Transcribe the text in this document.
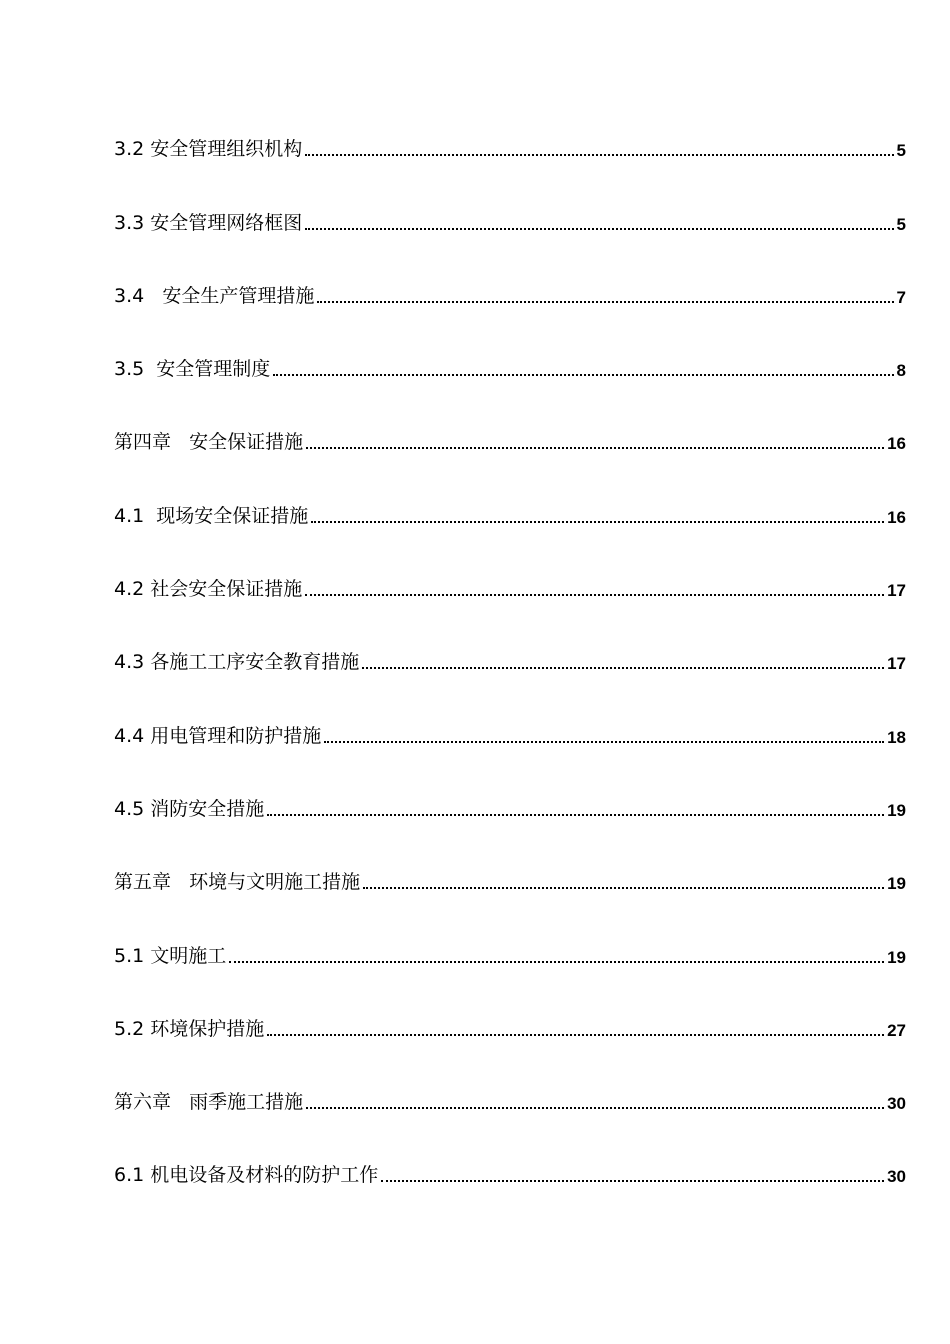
3.2 安全管理组织机构	5
3.3 安全管理网络框图	5
3.4   安全生产管理措施	7
3.5  安全管理制度	8
第四章   安全保证措施	16
4.1  现场安全保证措施	16
4.2 社会安全保证措施	17
4.3 各施工工序安全教育措施	17
4.4 用电管理和防护措施	18
4.5 消防安全措施	19
第五章   环境与文明施工措施	19
5.1 文明施工	19
5.2 环境保护措施	27
第六章   雨季施工措施	30
6.1 机电设备及材料的防护工作	30
